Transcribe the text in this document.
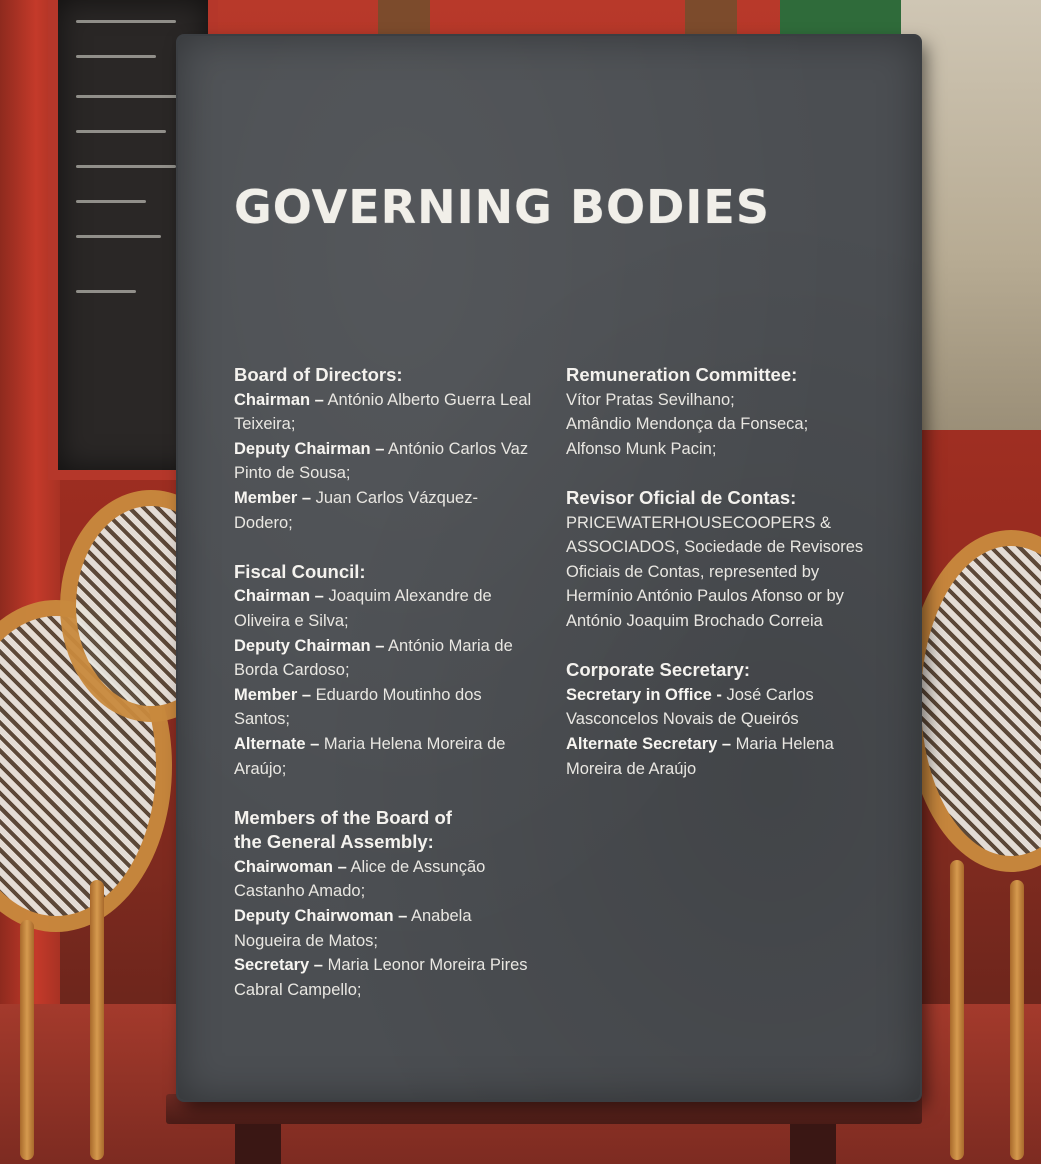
GOVERNING BODIES
Board of Directors:
Chairman – António Alberto Guerra Leal Teixeira;
Deputy Chairman – António Carlos Vaz Pinto de Sousa;
Member – Juan Carlos Vázquez-Dodero;
Fiscal Council:
Chairman – Joaquim Alexandre de Oliveira e Silva;
Deputy Chairman – António Maria de Borda Cardoso;
Member – Eduardo Moutinho dos Santos;
Alternate – Maria Helena Moreira de Araújo;
Members of the Board of the General Assembly:
Chairwoman – Alice de Assunção Castanho Amado;
Deputy Chairwoman – Anabela Nogueira de Matos;
Secretary – Maria Leonor Moreira Pires Cabral Campello;
Remuneration Committee:
Vítor Pratas Sevilhano;
Amândio Mendonça da Fonseca;
Alfonso Munk Pacin;
Revisor Oficial de Contas:
PRICEWATERHOUSECOOPERS & ASSOCIADOS, Sociedade de Revisores Oficiais de Contas, represented by Hermínio António Paulos Afonso or by António Joaquim Brochado Correia
Corporate Secretary:
Secretary in Office - José Carlos Vasconcelos Novais de Queirós
Alternate Secretary – Maria Helena Moreira de Araújo
